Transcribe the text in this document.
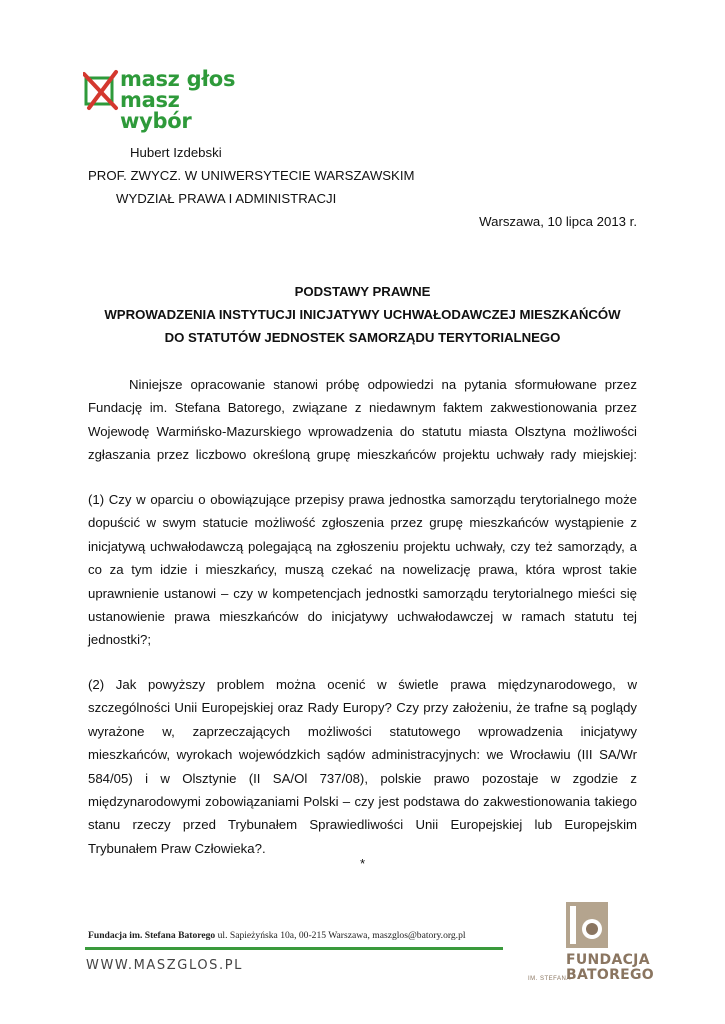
masz głos
masz wybór
Hubert Izdebski
PROF. ZWYCZ. W UNIWERSYTECIE WARSZAWSKIM
WYDZIAŁ PRAWA I ADMINISTRACJI
Warszawa, 10 lipca 2013 r.
PODSTAWY PRAWNE
WPROWADZENIA INSTYTUCJI INICJATYWY UCHWAŁODAWCZEJ MIESZKAŃCÓW
DO STATUTÓW JEDNOSTEK SAMORZĄDU TERYTORIALNEGO
Niniejsze opracowanie stanowi próbę odpowiedzi na pytania sformułowane przez
Fundację im. Stefana Batorego, związane z niedawnym faktem zakwestionowania przez
Wojewodę Warmińsko-Mazurskiego wprowadzenia do statutu miasta Olsztyna możliwości
zgłaszania przez liczbowo określoną grupę mieszkańców projektu uchwały rady miejskiej:
(1) Czy w oparciu o obowiązujące przepisy prawa jednostka samorządu terytorialnego może
dopuścić w swym statucie możliwość zgłoszenia przez grupę mieszkańców wystąpienie z
inicjatywą uchwałodawczą polegającą na zgłoszeniu projektu uchwały, czy też samorządy, a
co za tym idzie i mieszkańcy, muszą czekać na nowelizację prawa, która wprost takie
uprawnienie ustanowi – czy w kompetencjach jednostki samorządu terytorialnego mieści się
ustanowienie prawa mieszkańców do inicjatywy uchwałodawczej w ramach statutu tej
jednostki?;
(2) Jak powyższy problem można ocenić w świetle prawa międzynarodowego, w
szczególności Unii Europejskiej oraz Rady Europy? Czy przy założeniu, że trafne są poglądy
wyrażone w, zaprzeczających możliwości statutowego wprowadzenia inicjatywy
mieszkańców, wyrokach wojewódzkich sądów administracyjnych: we Wrocławiu (III SA/Wr
584/05) i w Olsztynie (II SA/Ol 737/08), polskie prawo pozostaje w zgodzie z
międzynarodowymi zobowiązaniami Polski – czy jest podstawa do zakwestionowania takiego
stanu rzeczy przed Trybunałem Sprawiedliwości Unii Europejskiej lub Europejskim
Trybunałem Praw Człowieka?.
*
Fundacja im. Stefana Batorego ul. Sapieżyńska 10a, 00-215 Warszawa, maszglos@batory.org.pl
WWW.MASZGLOS.PL
IM. STEFANA
FUNDACJA
BATOREGO
